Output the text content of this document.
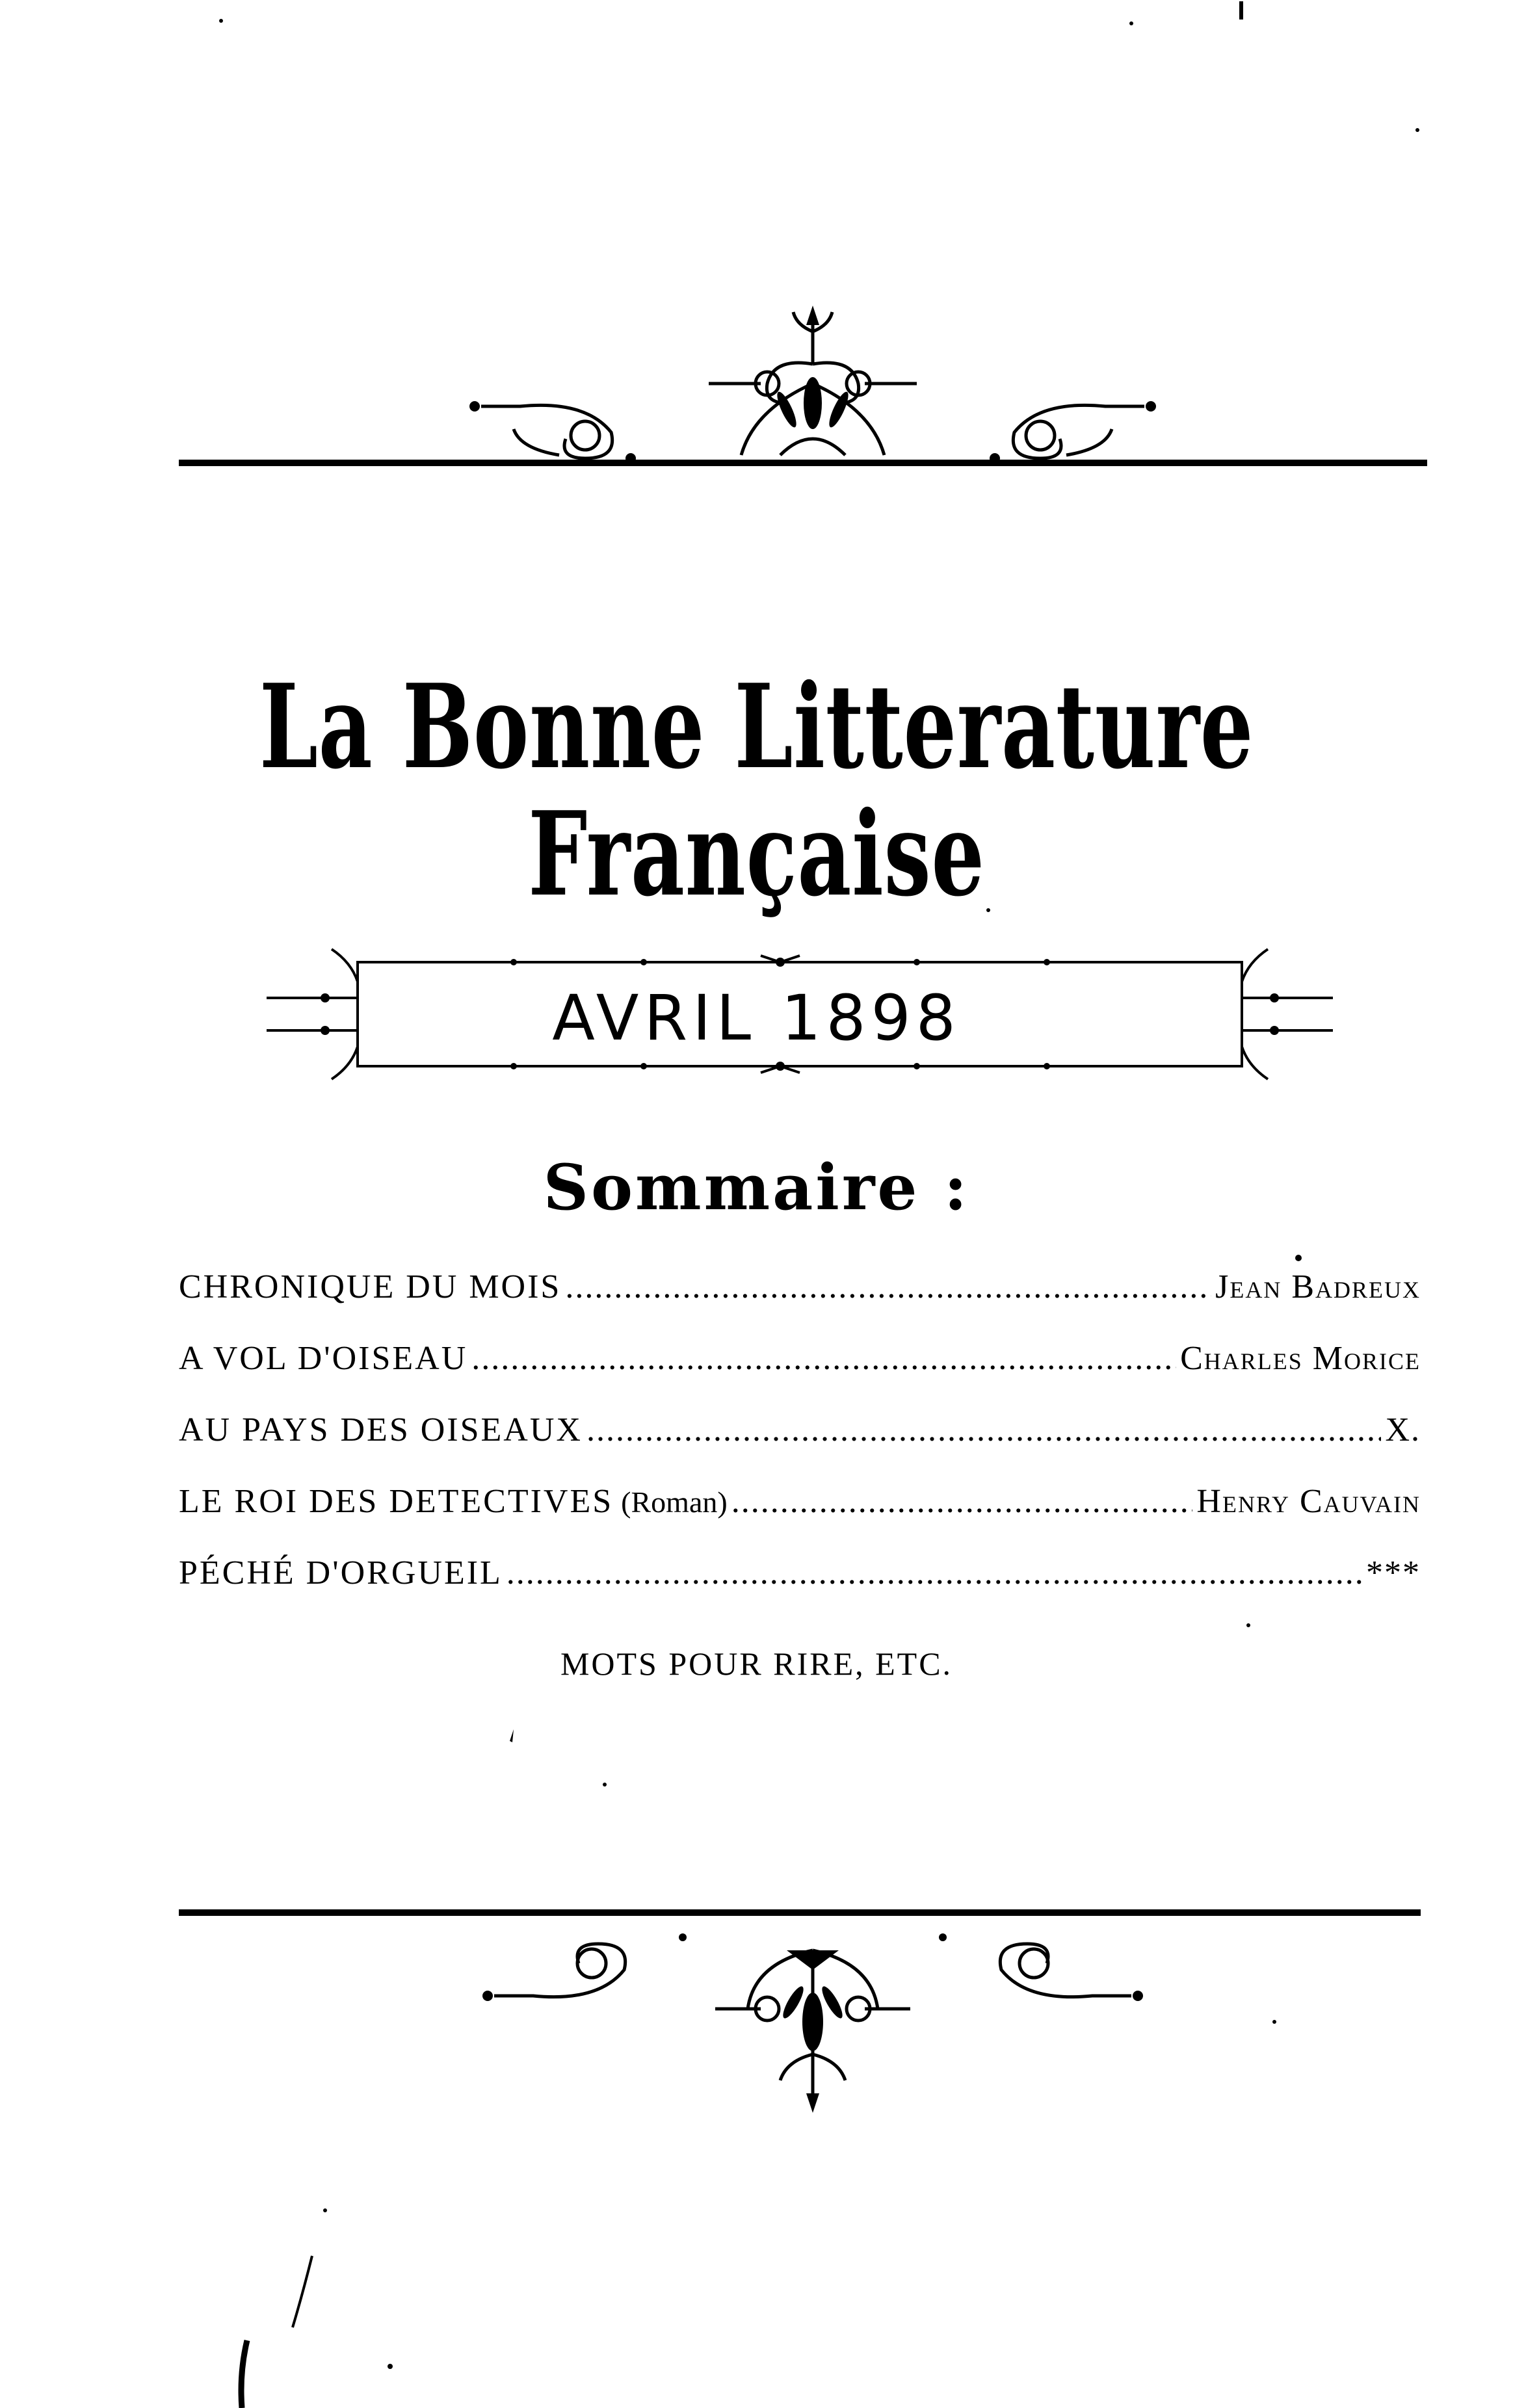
La Bonne Litterature Française
AVRIL 1898
Sommaire :
CHRONIQUE DU MOIS .....	Jean Badreux
A VOL D'OISEAU .....	Charles Morice
AU PAYS DES OISEAUX .....	X.
LE ROI DES DETECTIVES (Roman) .....	Henry Cauvain
PÉCHÉ D'ORGUEIL .....	***
MOTS POUR RIRE, ETC.
